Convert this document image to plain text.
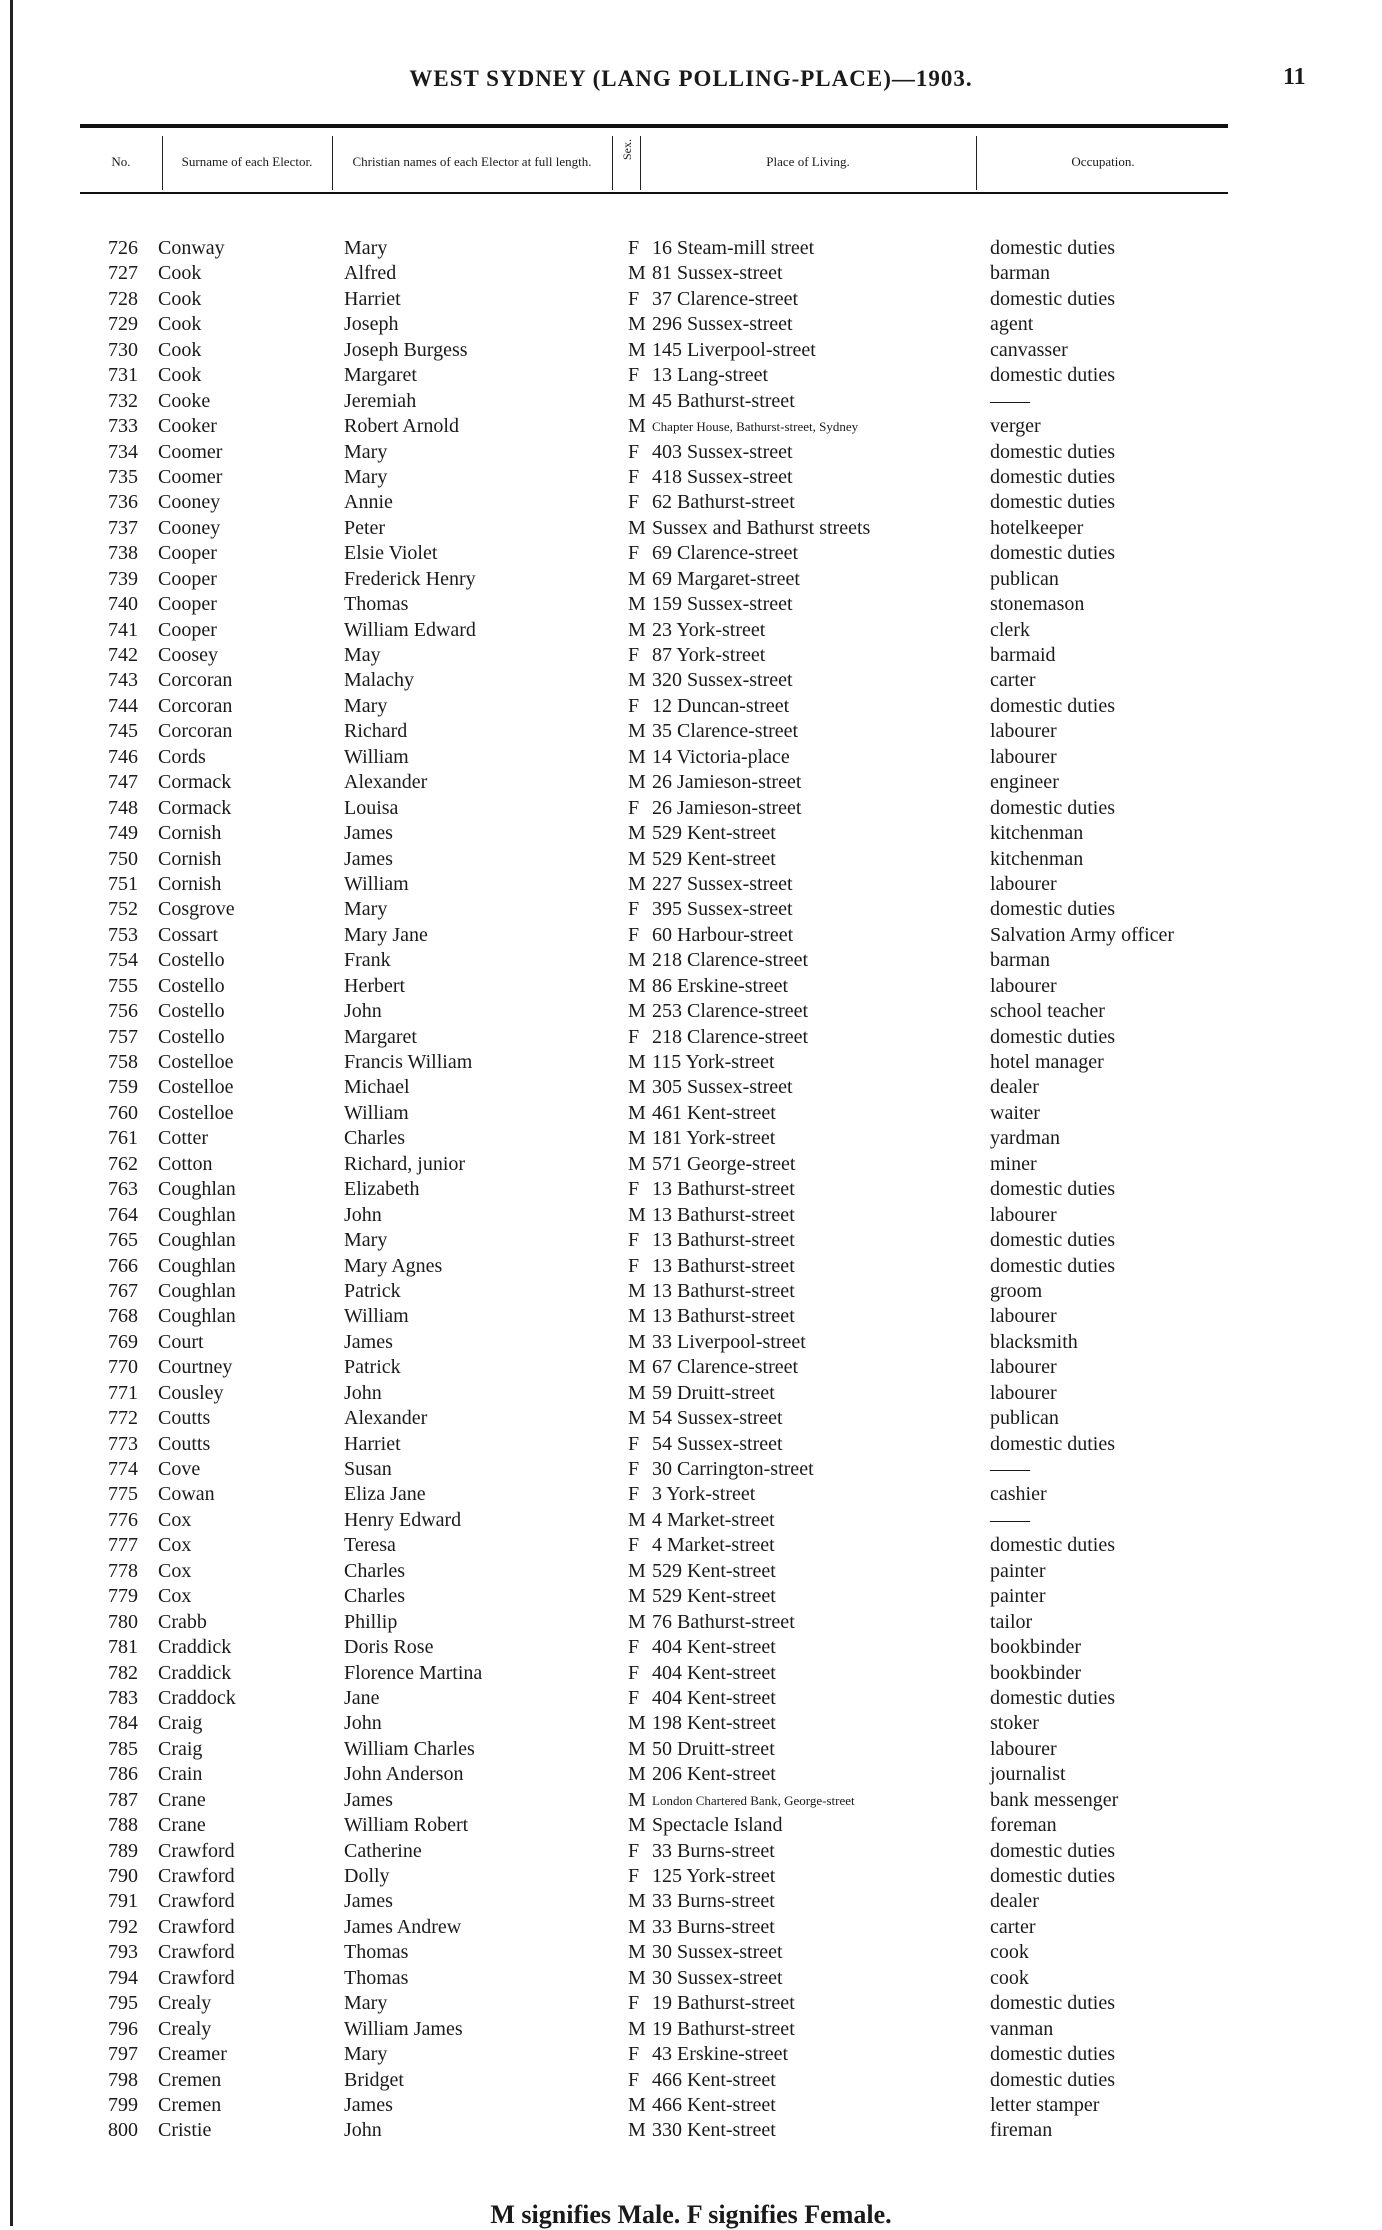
WEST SYDNEY (LANG POLLING-PLACE)—1903.	11
No.	Surname of each Elector.	Christian names of each Elector at full length.
Sex.
Place of Living.	Occupation.
726 Conway	Mary	F 16 Steam-mill street	domestic duties
727 Cook	Alfred	M 81 Sussex-street	barman
728 Cook	Harriet	F 37 Clarence-street	domestic duties
729 Cook	Joseph	M 296 Sussex-street	agent
730 Cook	Joseph Burgess	M 145 Liverpool-street	canvasser
731 Cook	Margaret	F 13 Lang-street	domestic duties
732 Cooke	Jeremiah	M 45 Bathurst-street	——
733 Cooker	Robert Arnold	M Chapter House, Bathurst-street, Sydney	verger
734 Coomer	Mary	F 403 Sussex-street	domestic duties
735 Coomer	Mary	F 418 Sussex-street	domestic duties
736 Cooney	Annie	F 62 Bathurst-street	domestic duties
737 Cooney	Peter	M Sussex and Bathurst streets	hotelkeeper
738 Cooper	Elsie Violet	F 69 Clarence-street	domestic duties
739 Cooper	Frederick Henry	M 69 Margaret-street	publican
740 Cooper	Thomas	M 159 Sussex-street	stonemason
741 Cooper	William Edward	M 23 York-street	clerk
742 Coosey	May	F 87 York-street	barmaid
743 Corcoran	Malachy	M 320 Sussex-street	carter
744 Corcoran	Mary	F 12 Duncan-street	domestic duties
745 Corcoran	Richard	M 35 Clarence-street	labourer
746 Cords	William	M 14 Victoria-place	labourer
747 Cormack	Alexander	M 26 Jamieson-street	engineer
748 Cormack	Louisa	F 26 Jamieson-street	domestic duties
749 Cornish	James	M 529 Kent-street	kitchenman
750 Cornish	James	M 529 Kent-street	kitchenman
751 Cornish	William	M 227 Sussex-street	labourer
752 Cosgrove	Mary	F 395 Sussex-street	domestic duties
753 Cossart	Mary Jane	F 60 Harbour-street	Salvation Army officer
754 Costello	Frank	M 218 Clarence-street	barman
755 Costello	Herbert	M 86 Erskine-street	labourer
756 Costello	John	M 253 Clarence-street	school teacher
757 Costello	Margaret	F 218 Clarence-street	domestic duties
758 Costelloe	Francis William	M 115 York-street	hotel manager
759 Costelloe	Michael	M 305 Sussex-street	dealer
760 Costelloe	William	M 461 Kent-street	waiter
761 Cotter	Charles	M 181 York-street	yardman
762 Cotton	Richard, junior	M 571 George-street	miner
763 Coughlan	Elizabeth	F 13 Bathurst-street	domestic duties
764 Coughlan	John	M 13 Bathurst-street	labourer
765 Coughlan	Mary	F 13 Bathurst-street	domestic duties
766 Coughlan	Mary Agnes	F 13 Bathurst-street	domestic duties
767 Coughlan	Patrick	M 13 Bathurst-street	groom
768 Coughlan	William	M 13 Bathurst-street	labourer
769 Court	James	M 33 Liverpool-street	blacksmith
770 Courtney	Patrick	M 67 Clarence-street	labourer
771 Cousley	John	M 59 Druitt-street	labourer
772 Coutts	Alexander	M 54 Sussex-street	publican
773 Coutts	Harriet	F 54 Sussex-street	domestic duties
774 Cove	Susan	F 30 Carrington-street	——
775 Cowan	Eliza Jane	F 3 York-street	cashier
776 Cox	Henry Edward	M 4 Market-street	——
777 Cox	Teresa	F 4 Market-street	domestic duties
778 Cox	Charles	M 529 Kent-street	painter
779 Cox	Charles	M 529 Kent-street	painter
780 Crabb	Phillip	M 76 Bathurst-street	tailor
781 Craddick	Doris Rose	F 404 Kent-street	bookbinder
782 Craddick	Florence Martina	F 404 Kent-street	bookbinder
783 Craddock	Jane	F 404 Kent-street	domestic duties
784 Craig	John	M 198 Kent-street	stoker
785 Craig	William Charles	M 50 Druitt-street	labourer
786 Crain	John Anderson	M 206 Kent-street	journalist
787 Crane	James	M London Chartered Bank, George-street	bank messenger
788 Crane	William Robert	M Spectacle Island	foreman
789 Crawford	Catherine	F 33 Burns-street	domestic duties
790 Crawford	Dolly	F 125 York-street	domestic duties
791 Crawford	James	M 33 Burns-street	dealer
792 Crawford	James Andrew	M 33 Burns-street	carter
793 Crawford	Thomas	M 30 Sussex-street	cook
794 Crawford	Thomas	M 30 Sussex-street	cook
795 Crealy	Mary	F 19 Bathurst-street	domestic duties
796 Crealy	William James	M 19 Bathurst-street	vanman
797 Creamer	Mary	F 43 Erskine-street	domestic duties
798 Cremen	Bridget	F 466 Kent-street	domestic duties
799 Cremen	James	M 466 Kent-street	letter stamper
800 Cristie	John	M 330 Kent-street	fireman
M signifies Male. F signifies Female.
